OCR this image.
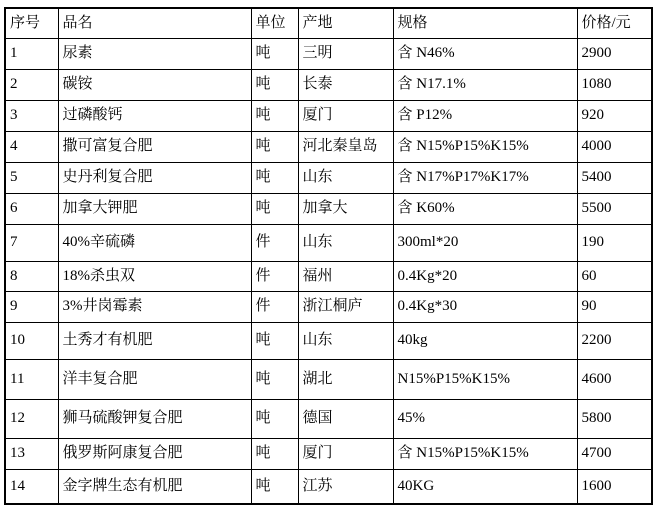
序号	品名	单位	产地	规格	价格/元
1	尿素	吨	三明	含 N46%	2900
2	碳铵	吨	长泰	含 N17.1%	1080
3	过磷酸钙	吨	厦门	含 P12%	920
4	撒可富复合肥	吨	河北秦皇岛	含 N15%P15%K15%	4000
5	史丹利复合肥	吨	山东	含 N17%P17%K17%	5400
6	加拿大钾肥	吨	加拿大	含 K60%	5500
7	40%辛硫磷	件	山东	300ml*20	190
8	18%杀虫双	件	福州	0.4Kg*20	60
9	3%井岗霉素	件	浙江桐庐	0.4Kg*30	90
10	土秀才有机肥	吨	山东	40kg	2200
11	洋丰复合肥	吨	湖北	N15%P15%K15%	4600
12	狮马硫酸钾复合肥	吨	德国	45%	5800
13	俄罗斯阿康复合肥	吨	厦门	含 N15%P15%K15%	4700
14	金字牌生态有机肥	吨	江苏	40KG	1600
